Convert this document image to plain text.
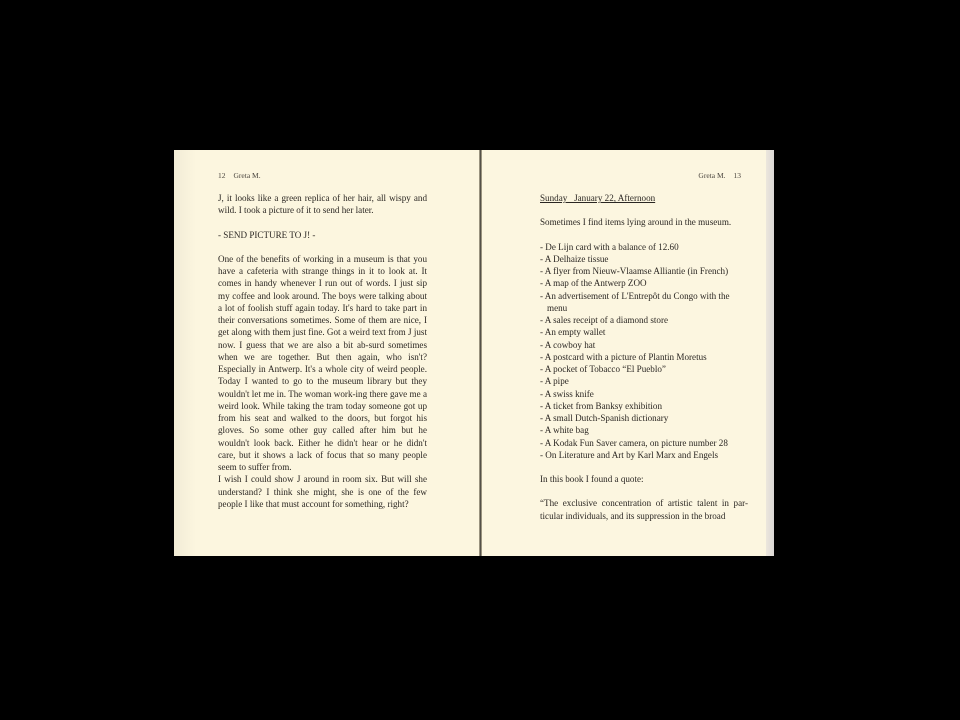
12 Greta M.

J, it looks like a green replica of her hair, all wispy and wild. I took a picture of it to send her later.

- SEND PICTURE TO J! -

One of the benefits of working in a museum is that you have a cafeteria with strange things in it to look at. It comes in handy whenever I run out of words. I just sip my coffee and look around. The boys were talking about a lot of foolish stuff again today. It's hard to take part in their conversations sometimes. Some of them are nice, I get along with them just fine. Got a weird text from J just now. I guess that we are also a bit ab-surd sometimes when we are together. But then again, who isn't? Especially in Antwerp. It's a whole city of weird people. Today I wanted to go to the museum library but they wouldn't let me in. The woman work-ing there gave me a weird look. While taking the tram today someone got up from his seat and walked to the doors, but forgot his gloves. So some other guy called after him but he wouldn't look back. Either he didn't hear or he didn't care, but it shows a lack of focus that so many people seem to suffer from.

I wish I could show J around in room six. But will she understand? I think she might, she is one of the few people I like that must account for something, right?

Greta M. 13

Sunday   January 22, Afternoon

Sometimes I find items lying around in the museum.

- De Lijn card with a balance of 12.60

- A Delhaize tissue

- A flyer from Nieuw-Vlaamse Alliantie (in French)

- A map of the Antwerp ZOO

- An advertisement of L'Entrepôt du Congo with the

menu

- A sales receipt of a diamond store

- An empty wallet

- A cowboy hat

- A postcard with a picture of Plantin Moretus

- A pocket of Tobacco “El Pueblo”

- A pipe

- A swiss knife

- A ticket from Banksy exhibition

- A small Dutch-Spanish dictionary

- A white bag

- A Kodak Fun Saver camera, on picture number 28

- On Literature and Art by Karl Marx and Engels

In this book I found a quote:

“The exclusive concentration of artistic talent in par-ticular individuals, and its suppression in the broad
